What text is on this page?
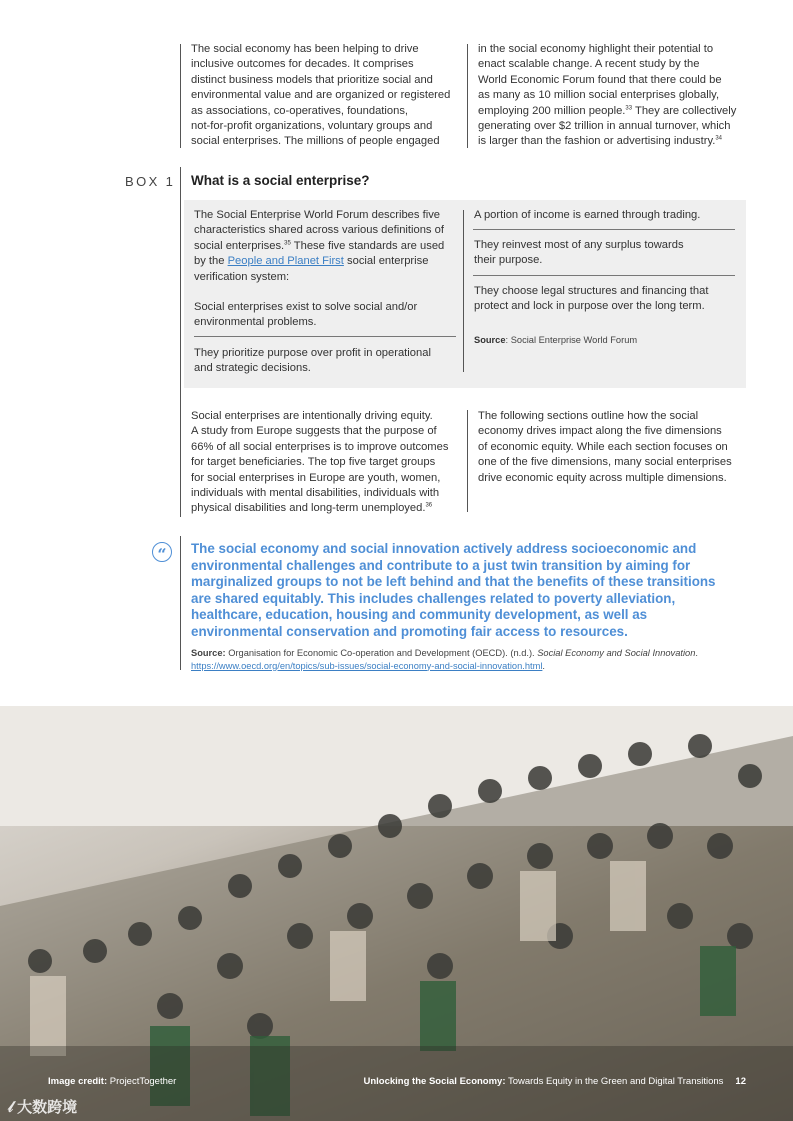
The social economy has been helping to drive
inclusive outcomes for decades. It comprises
distinct business models that prioritize social and
environmental value and are organized or registered
as associations, co-operatives, foundations,
not-for-profit organizations, voluntary groups and
social enterprises. The millions of people engaged
in the social economy highlight their potential to
enact scalable change. A recent study by the
World Economic Forum found that there could be
as many as 10 million social enterprises globally,
employing 200 million people.$^{33}$ They are collectively
generating over $2 trillion in annual turnover, which
is larger than the fashion or advertising industry.$^{34}$
BOX 1 What is a social enterprise?
The Social Enterprise World Forum describes five
characteristics shared across various definitions of
social enterprises.$^{35}$ These five standards are used
by the People and Planet First social enterprise
verification system:
Social enterprises exist to solve social and/or
environmental problems.
They prioritize purpose over profit in operational
and strategic decisions.
A portion of income is earned through trading.
They reinvest most of any surplus towards
their purpose.
They choose legal structures and financing that
protect and lock in purpose over the long term.
Source: Social Enterprise World Forum
Social enterprises are intentionally driving equity.
A study from Europe suggests that the purpose of
66% of all social enterprises is to improve outcomes
for target beneficiaries. The top five target groups
for social enterprises in Europe are youth, women,
individuals with mental disabilities, individuals with
physical disabilities and long-term unemployed.$^{36}$
The following sections outline how the social
economy drives impact along the five dimensions
of economic equity. While each section focuses on
one of the five dimensions, many social enterprises
drive economic equity across multiple dimensions.
“	The social economy and social innovation actively address socioeconomic and
environmental challenges and contribute to a just twin transition by aiming for
marginalized groups to not be left behind and that the benefits of these transitions
are shared equitably. This includes challenges related to poverty alleviation,
healthcare, education, housing and community development, as well as
environmental conservation and promoting fair access to resources.
Source: Organisation for Economic Co-operation and Development (OECD). (n.d.). Social Economy and Social Innovation.
https://www.oecd.org/en/topics/sub-issues/social-economy-and-social-innovation.html.
Image credit: ProjectTogether	Unlocking the Social Economy: Towards Equity in the Green and Digital Transitions 12
𝓁 大数跨境
